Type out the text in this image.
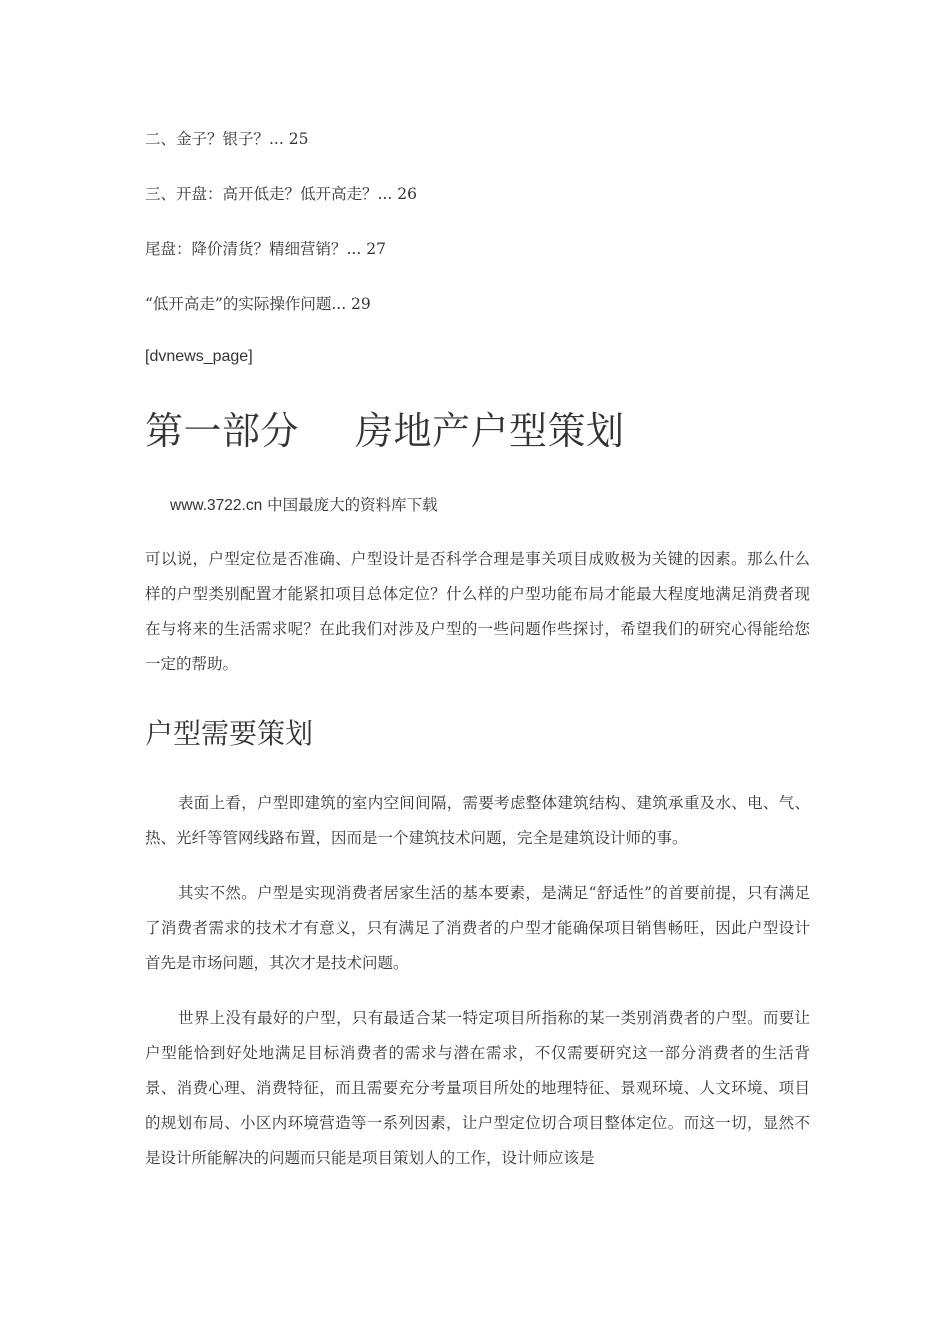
二、金子？银子？... 25
三、开盘：高开低走？低开高走？... 26
尾盘：降价清货？精细营销？... 27
“低开高走”的实际操作问题... 29
[dvnews_page]
第一部分 房地产户型策划
www.3722.cn 中国最庞大的资料库下载
可以说，户型定位是否准确、户型设计是否科学合理是事关项目成败极为关键的因素。那么什么样的户型类别配置才能紧扣项目总体定位？什么样的户型功能布局才能最大程度地满足消费者现在与将来的生活需求呢？在此我们对涉及户型的一些问题作些探讨，希望我们的研究心得能给您一定的帮助。
户型需要策划
表面上看，户型即建筑的室内空间间隔，需要考虑整体建筑结构、建筑承重及水、电、气、热、光纤等管网线路布置，因而是一个建筑技术问题，完全是建筑设计师的事。
其实不然。户型是实现消费者居家生活的基本要素，是满足“舒适性”的首要前提，只有满足了消费者需求的技术才有意义，只有满足了消费者的户型才能确保项目销售畅旺，因此户型设计首先是市场问题，其次才是技术问题。
世界上没有最好的户型，只有最适合某一特定项目所指称的某一类别消费者的户型。而要让户型能恰到好处地满足目标消费者的需求与潜在需求，不仅需要研究这一部分消费者的生活背景、消费心理、消费特征，而且需要充分考量项目所处的地理特征、景观环境、人文环境、项目的规划布局、小区内环境营造等一系列因素，让户型定位切合项目整体定位。而这一切，显然不是设计所能解决的问题而只能是项目策划人的工作，设计师应该是
